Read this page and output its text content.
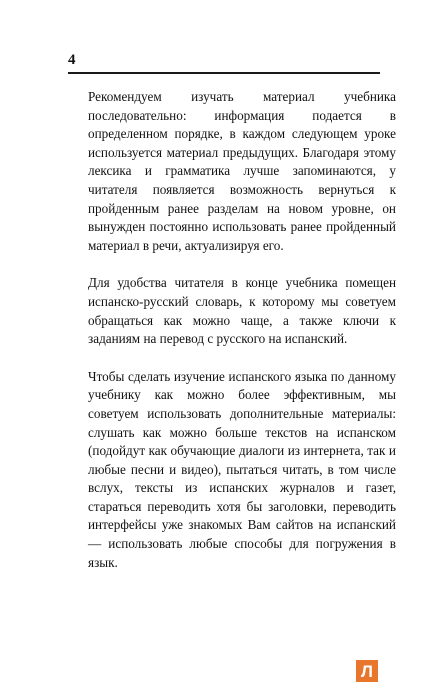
4

Рекомендуем изучать материал учебника последовательно: информация подается в определенном порядке, в каждом следующем уроке используется материал предыдущих. Благодаря этому лексика и грамматика лучше запоминаются, у читателя появляется возможность вернуться к пройденным ранее разделам на новом уровне, он вынужден постоянно использовать ранее пройденный материал в речи, актуализируя его.

Для удобства читателя в конце учебника помещен испанско-русский словарь, к которому мы советуем обращаться как можно чаще, а также ключи к заданиям на перевод с русского на испанский.

Чтобы сделать изучение испанского языка по данному учебнику как можно более эффективным, мы советуем использовать дополнительные материалы: слушать как можно больше текстов на испанском (подойдут как обучающие диалоги из интернета, так и любые песни и видео), пытаться читать, в том числе вслух, тексты из испанских журналов и газет, стараться переводить хотя бы заголовки, переводить интерфейсы уже знакомых Вам сайтов на испанский — использовать любые способы для погружения в язык.

Л
